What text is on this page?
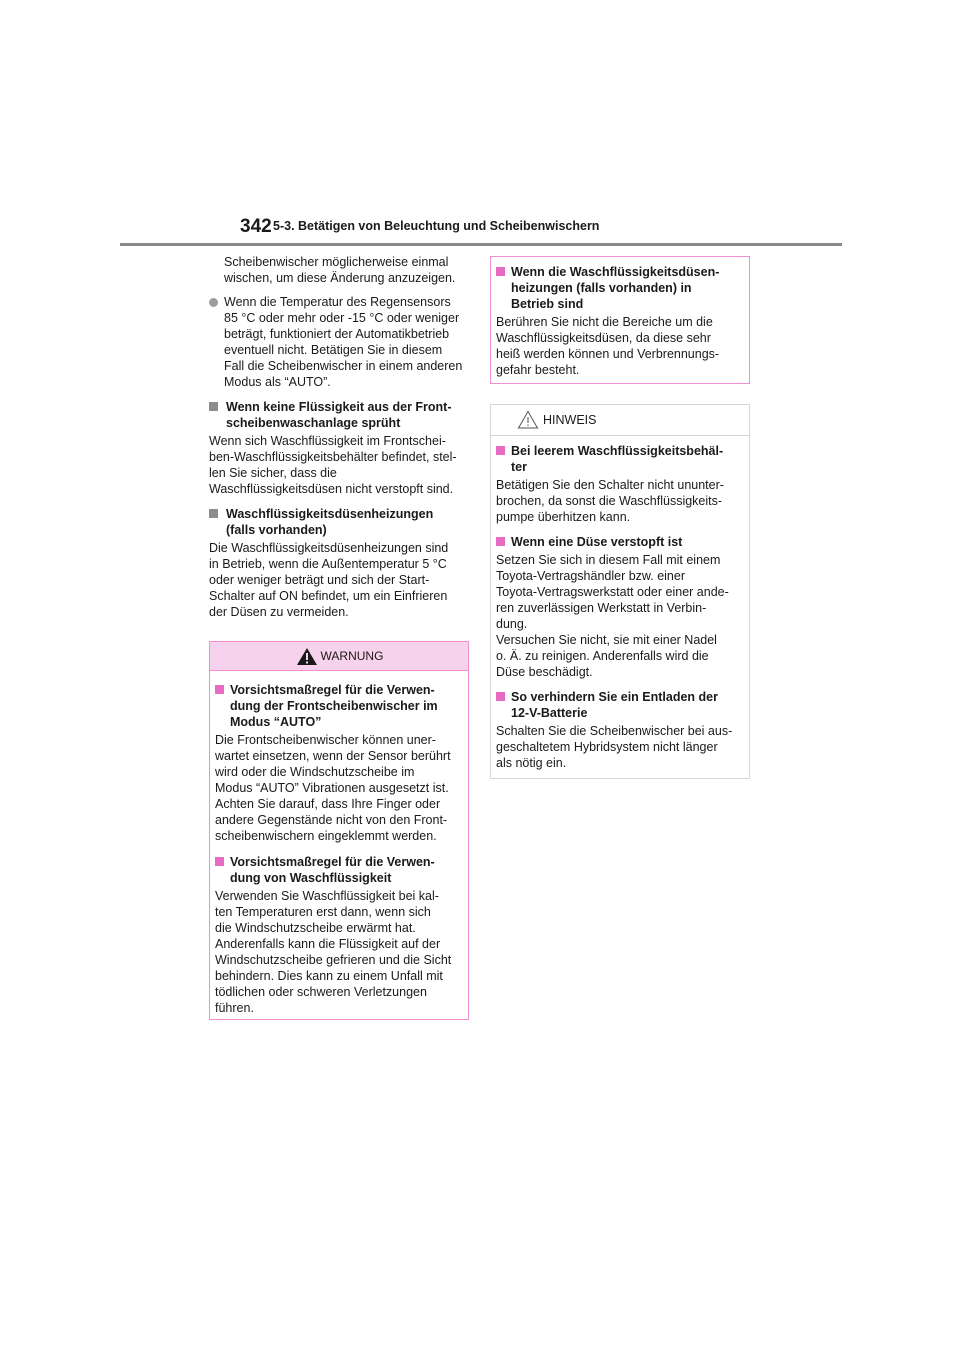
342 5-3. Betätigen von Beleuchtung und Scheibenwischern
Scheibenwischer möglicherweise einmal
wischen, um diese Änderung anzuzeigen.
Wenn die Temperatur des Regensensors
85 °C oder mehr oder -15 °C oder weniger
beträgt, funktioniert der Automatikbetrieb
eventuell nicht. Betätigen Sie in diesem
Fall die Scheibenwischer in einem anderen
Modus als “AUTO”.
Wenn keine Flüssigkeit aus der Front-
scheibenwaschanlage sprüht
Wenn sich Waschflüssigkeit im Frontschei-
ben-Waschflüssigkeitsbehälter befindet, stel-
len Sie sicher, dass die
Waschflüssigkeitsdüsen nicht verstopft sind.
Waschflüssigkeitsdüsenheizungen
(falls vorhanden)
Die Waschflüssigkeitsdüsenheizungen sind
in Betrieb, wenn die Außentemperatur 5 °C
oder weniger beträgt und sich der Start-
Schalter auf ON befindet, um ein Einfrieren
der Düsen zu vermeiden.
WARNUNG
Vorsichtsmaßregel für die Verwen-
dung der Frontscheibenwischer im
Modus “AUTO”
Die Frontscheibenwischer können uner-
wartet einsetzen, wenn der Sensor berührt
wird oder die Windschutzscheibe im
Modus “AUTO” Vibrationen ausgesetzt ist.
Achten Sie darauf, dass Ihre Finger oder
andere Gegenstände nicht von den Front-
scheibenwischern eingeklemmt werden.
Vorsichtsmaßregel für die Verwen-
dung von Waschflüssigkeit
Verwenden Sie Waschflüssigkeit bei kal-
ten Temperaturen erst dann, wenn sich
die Windschutzscheibe erwärmt hat.
Anderenfalls kann die Flüssigkeit auf der
Windschutzscheibe gefrieren und die Sicht
behindern. Dies kann zu einem Unfall mit
tödlichen oder schweren Verletzungen
führen.
Wenn die Waschflüssigkeitsdüsen-
heizungen (falls vorhanden) in
Betrieb sind
Berühren Sie nicht die Bereiche um die
Waschflüssigkeitsdüsen, da diese sehr
heiß werden können und Verbrennungs-
gefahr besteht.
HINWEIS
Bei leerem Waschflüssigkeitsbehäl-
ter
Betätigen Sie den Schalter nicht ununter-
brochen, da sonst die Waschflüssigkeits-
pumpe überhitzen kann.
Wenn eine Düse verstopft ist
Setzen Sie sich in diesem Fall mit einem
Toyota-Vertragshändler bzw. einer
Toyota-Vertragswerkstatt oder einer ande-
ren zuverlässigen Werkstatt in Verbin-
dung.
Versuchen Sie nicht, sie mit einer Nadel
o. Ä. zu reinigen. Anderenfalls wird die
Düse beschädigt.
So verhindern Sie ein Entladen der
12-V-Batterie
Schalten Sie die Scheibenwischer bei aus-
geschaltetem Hybridsystem nicht länger
als nötig ein.
